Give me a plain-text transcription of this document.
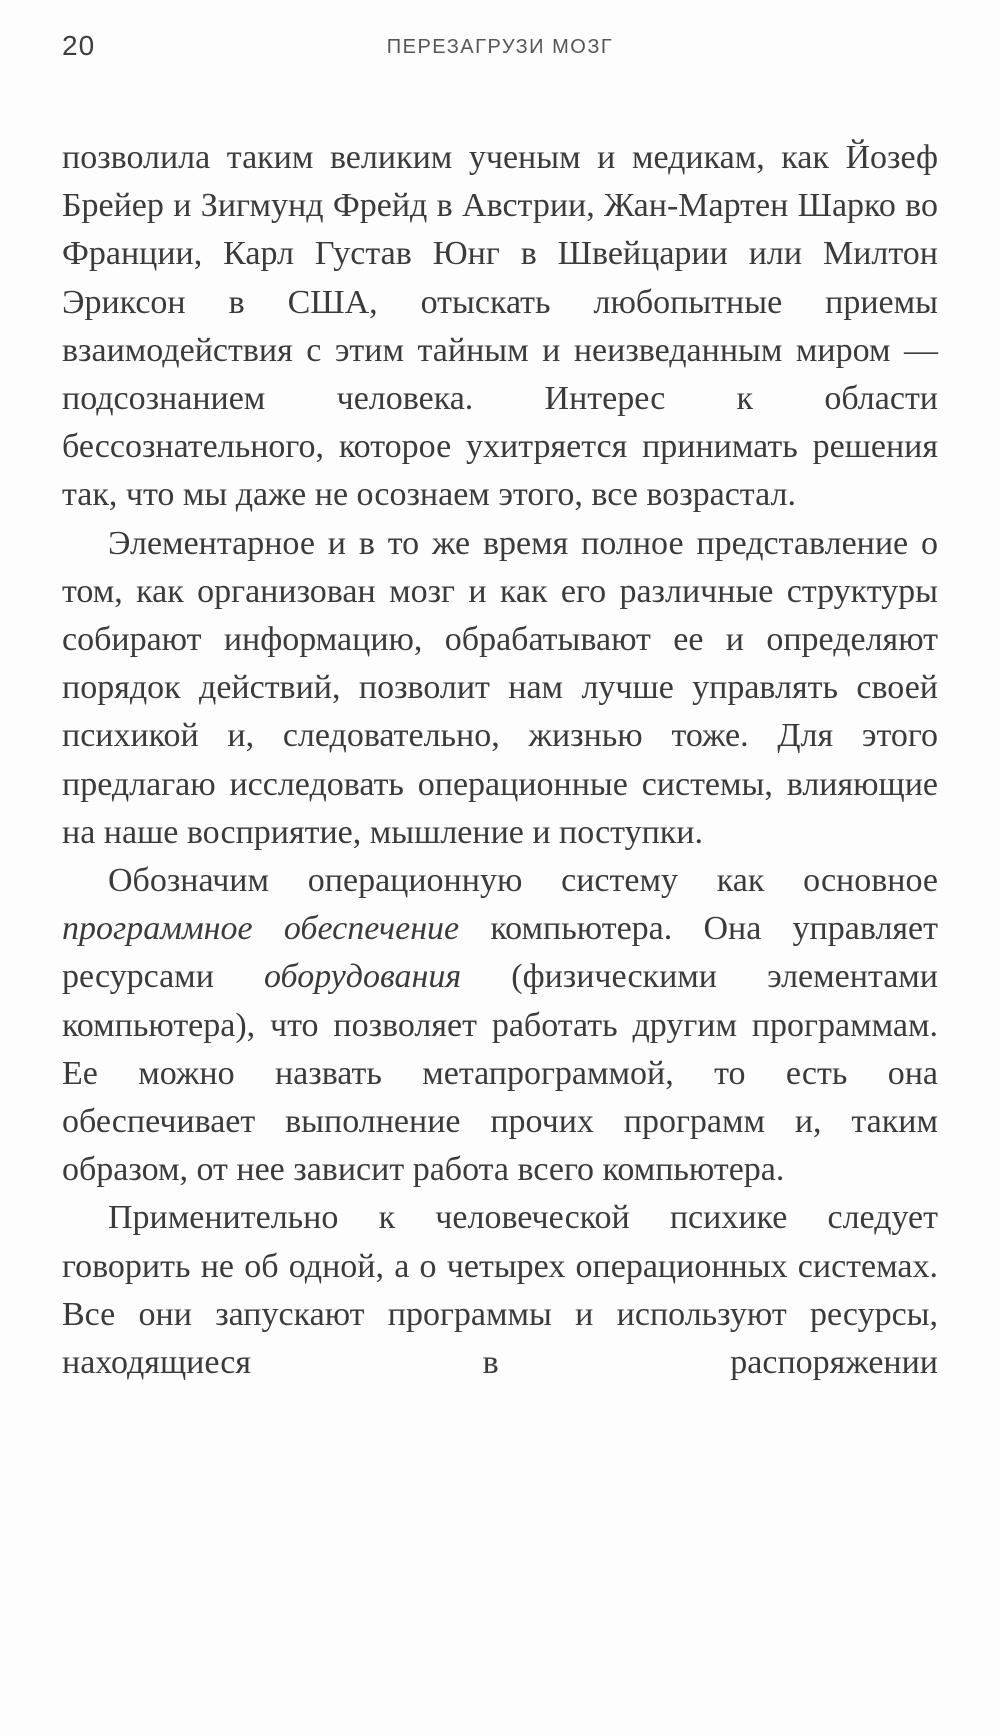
20	ПЕРЕЗАГРУЗИ МОЗГ

позволила таким великим ученым и медикам, как Йозеф Брейер и Зигмунд Фрейд в Австрии, Жан-Мартен Шарко во Франции, Карл Густав Юнг в Швейцарии или Милтон Эриксон в США, отыскать любопытные приемы взаимодействия с этим тайным и неизведанным миром — подсознанием человека. Интерес к области бессознательного, которое ухитряется принимать решения так, что мы даже не осознаем этого, все возрастал.

Элементарное и в то же время полное представление о том, как организован мозг и как его различные структуры собирают информацию, обрабатывают ее и определяют порядок действий, позволит нам лучше управлять своей психикой и, следовательно, жизнью тоже. Для этого предлагаю исследовать операционные системы, влияющие на наше восприятие, мышление и поступки.

Обозначим операционную систему как основное программное обеспечение компьютера. Она управляет ресурсами оборудования (физическими элементами компьютера), что позволяет работать другим программам. Ее можно назвать метапрограммой, то есть она обеспечивает выполнение прочих программ и, таким образом, от нее зависит работа всего компьютера.

Применительно к человеческой психике следует говорить не об одной, а о четырех операционных системах. Все они запускают программы и используют ресурсы, находящиеся в распоряжении
